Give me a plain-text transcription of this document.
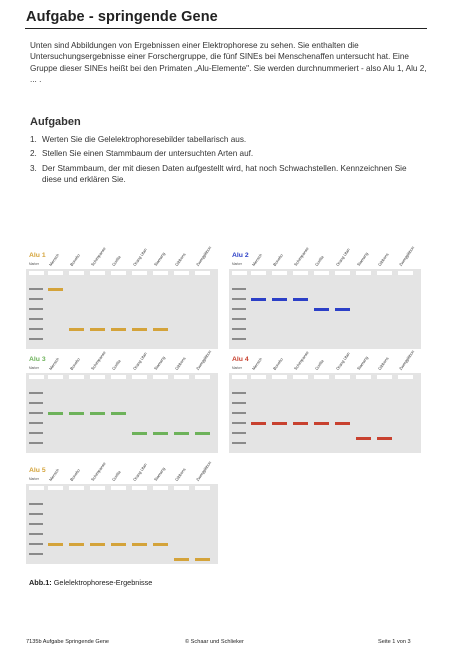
Aufgabe - springende Gene
Unten sind Abbildungen von Ergebnissen einer Elektrophorese zu sehen. Sie enthalten die Untersuchungsergebnisse einer Forschergruppe, die fünf SINEs bei Menschenaffen untersucht hat. Eine Gruppe dieser SINEs heißt bei den Primaten „Alu-Elemente". Sie werden durchnummeriert - also Alu 1, Alu 2, ... .
Aufgaben
1. Werten Sie die Gelelektrophoresebilder tabellarisch aus.
2. Stellen Sie einen Stammbaum der untersuchten Arten auf.
3. Der Stammbaum, der mit diesen Daten aufgestellt wird, hat noch Schwachstellen. Kennzeichnen Sie diese und erklären Sie.
Alu 1
Marker Mensch Bonobo Schimpanse Gorilla	Orang Utan Siamang Gibbons Zwerggibbon	Alu 2
Marker Mensch Bonobo Schimpanse Gorilla	Orang Utan Siamang Gibbons Zwerggibbon
Alu 3
Marker Mensch Bonobo Schimpanse Gorilla	Orang Utan Siamang Gibbons Zwerggibbon	Alu 4
Marker Mensch Bonobo Schimpanse Gorilla	Orang Utan Siamang Gibbons Zwerggibbon
Alu 5
Marker Mensch Bonobo Schimpanse Gorilla	Orang Utan Siamang Gibbons Zwerggibbon
Abb.1: Gelelektrophorese-Ergebnisse
7135b Aufgabe Springende Gene	© Schaar und Schlieker	Seite 1 von 3
